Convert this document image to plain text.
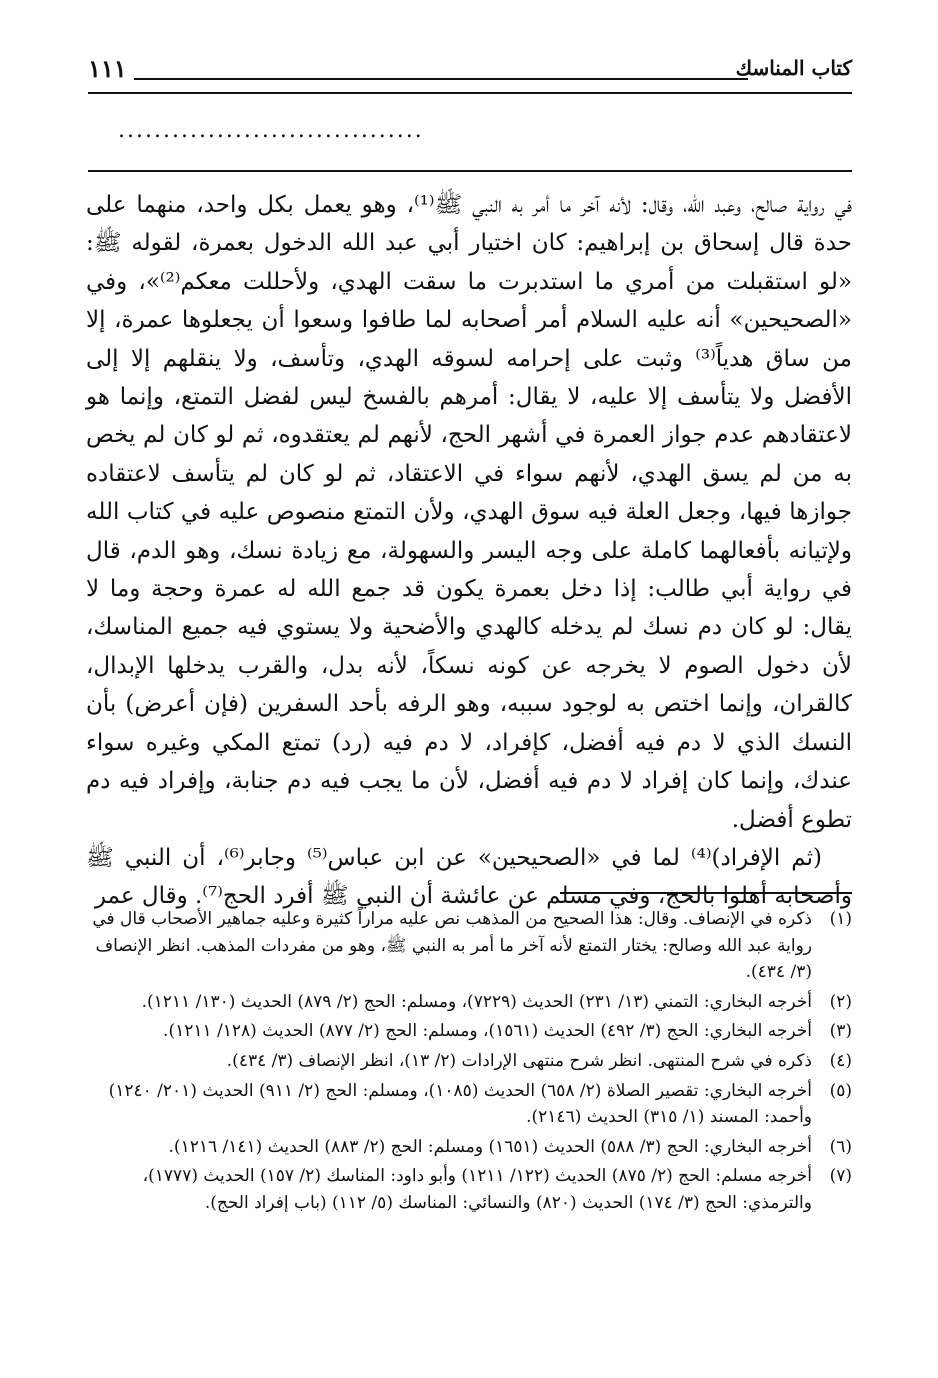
كتاب المناسك
١١١
..................................

في رواية صالح، وعبد الله، وقال: لأنه آخر ما أمر به النبي ﷺ⁽¹⁾، وهو يعمل بكل واحد، منهما على حدة قال إسحاق بن إبراهيم: كان اختيار أبي عبد الله الدخول بعمرة، لقوله ﷺ: «لو استقبلت من أمري ما استدبرت ما سقت الهدي، ولأحللت معكم⁽²⁾»، وفي «الصحيحين» أنه عليه السلام أمر أصحابه لما طافوا وسعوا أن يجعلوها عمرة، إلا من ساق هدياً⁽³⁾ وثبت على إحرامه لسوقه الهدي، وتأسف، ولا ينقلهم إلا إلى الأفضل ولا يتأسف إلا عليه، لا يقال: أمرهم بالفسخ ليس لفضل التمتع، وإنما هو لاعتقادهم عدم جواز العمرة في أشهر الحج، لأنهم لم يعتقدوه، ثم لو كان لم يخص به من لم يسق الهدي، لأنهم سواء في الاعتقاد، ثم لو كان لم يتأسف لاعتقاده جوازها فيها، وجعل العلة فيه سوق الهدي، ولأن التمتع منصوص عليه في كتاب الله ولإتيانه بأفعالهما كاملة على وجه اليسر والسهولة، مع زيادة نسك، وهو الدم، قال في رواية أبي طالب: إذا دخل بعمرة يكون قد جمع الله له عمرة وحجة وما لا يقال: لو كان دم نسك لم يدخله كالهدي والأضحية ولا يستوي فيه جميع المناسك، لأن دخول الصوم لا يخرجه عن كونه نسكاً، لأنه بدل، والقرب يدخلها الإبدال، كالقران، وإنما اختص به لوجود سببه، وهو الرفه بأحد السفرين (فإن أعرض) بأن النسك الذي لا دم فيه أفضل، كإفراد، لا دم فيه (رد) تمتع المكي وغيره سواء عندك، وإنما كان إفراد لا دم فيه أفضل، لأن ما يجب فيه دم جنابة، وإفراد فيه دم تطوع أفضل.

(ثم الإفراد)⁽⁴⁾ لما في «الصحيحين» عن ابن عباس⁽⁵⁾ وجابر⁽⁶⁾، أن النبي ﷺ وأصحابه أهلوا بالحج، وفي مسلم عن عائشة أن النبي ﷺ أفرد الحج⁽⁷⁾. وقال عمر

(١)
ذكره في الإنصاف. وقال: هذا الصحيح من المذهب نص عليه مراراً كثيرة وعليه جماهير الأصحاب قال في رواية عبد الله وصالح: يختار التمتع لأنه آخر ما أمر به النبي ﷺ، وهو من مفردات المذهب. انظر الإنصاف (٣/ ٤٣٤).
(٢)
أخرجه البخاري: التمني (١٣/ ٢٣١) الحديث (٧٢٢٩)، ومسلم: الحج (٢/ ٨٧٩) الحديث (١٣٠/ ١٢١١).
(٣)
أخرجه البخاري: الحج (٣/ ٤٩٢) الحديث (١٥٦١)، ومسلم: الحج (٢/ ٨٧٧) الحديث (١٢٨/ ١٢١١).
(٤)
ذكره في شرح المنتهى. انظر شرح منتهى الإرادات (٢/ ١٣)، انظر الإنصاف (٣/ ٤٣٤).
(٥)
أخرجه البخاري: تقصير الصلاة (٢/ ٦٥٨) الحديث (١٠٨٥)، ومسلم: الحج (٢/ ٩١١) الحديث (٢٠١/ ١٢٤٠) وأحمد: المسند (١/ ٣١٥) الحديث (٢١٤٦).
(٦)
أخرجه البخاري: الحج (٣/ ٥٨٨) الحديث (١٦٥١) ومسلم: الحج (٢/ ٨٨٣) الحديث (١٤١/ ١٢١٦).
(٧)
أخرجه مسلم: الحج (٢/ ٨٧٥) الحديث (١٢٢/ ١٢١١) وأبو داود: المناسك (٢/ ١٥٧) الحديث (١٧٧٧)، والترمذي: الحج (٣/ ١٧٤) الحديث (٨٢٠) والنسائي: المناسك (٥/ ١١٢) (باب إفراد الحج).
